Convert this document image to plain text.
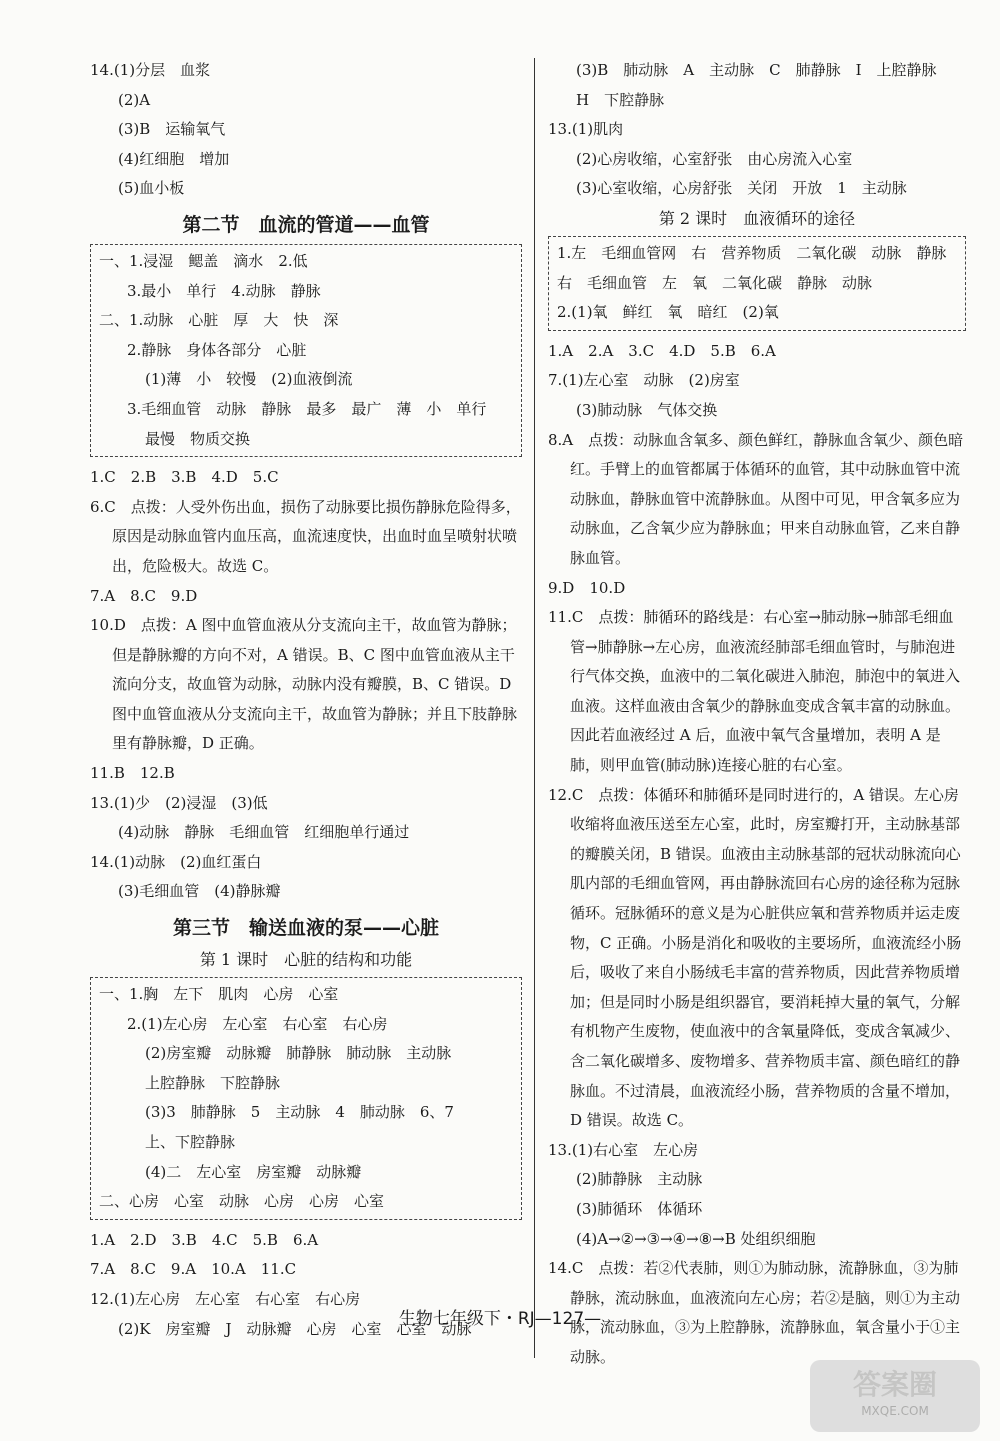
14.(1)分层　血浆
(2)A
(3)B　运输氧气
(4)红细胞　增加
(5)血小板
第二节　血流的管道——血管
一、1.浸湿　鳃盖　滴水　2.低
3.最小　单行　4.动脉　静脉
二、1.动脉　心脏　厚　大　快　深
2.静脉　身体各部分　心脏
(1)薄　小　较慢　(2)血液倒流
3.毛细血管　动脉　静脉　最多　最广　薄　小　单行
最慢　物质交换
1.C　2.B　3.B　4.D　5.C
6.C　点拨：人受外伤出血，损伤了动脉要比损伤静脉危险得多，原因是动脉血管内血压高，血流速度快，出血时血呈喷射状喷出，危险极大。故选 C。
7.A　8.C　9.D
10.D　点拨：A 图中血管血液从分支流向主干，故血管为静脉；但是静脉瓣的方向不对，A 错误。B、C 图中血管血液从主干流向分支，故血管为动脉，动脉内没有瓣膜，B、C 错误。D 图中血管血液从分支流向主干，故血管为静脉；并且下肢静脉里有静脉瓣，D 正确。
11.B　12.B
13.(1)少　(2)浸湿　(3)低
(4)动脉　静脉　毛细血管　红细胞单行通过
14.(1)动脉　(2)血红蛋白
(3)毛细血管　(4)静脉瓣
第三节　输送血液的泵——心脏
第 1 课时　心脏的结构和功能
一、1.胸　左下　肌肉　心房　心室
2.(1)左心房　左心室　右心室　右心房
(2)房室瓣　动脉瓣　肺静脉　肺动脉　主动脉
上腔静脉　下腔静脉
(3)3　肺静脉　5　主动脉　4　肺动脉　6、7
上、下腔静脉
(4)二　左心室　房室瓣　动脉瓣
二、心房　心室　动脉　心房　心房　心室
1.A　2.D　3.B　4.C　5.B　6.A
7.A　8.C　9.A　10.A　11.C
12.(1)左心房　左心室　右心室　右心房
(2)K　房室瓣　J　动脉瓣　心房　心室　心室　动脉
(3)B　肺动脉　A　主动脉　C　肺静脉　I　上腔静脉
H　下腔静脉
13.(1)肌肉
(2)心房收缩，心室舒张　由心房流入心室
(3)心室收缩，心房舒张　关闭　开放　1　主动脉
第 2 课时　血液循环的途径
1.左　毛细血管网　右　营养物质　二氧化碳　动脉　静脉
右　毛细血管　左　氧　二氧化碳　静脉　动脉
2.(1)氧　鲜红　氧　暗红　(2)氧
1.A　2.A　3.C　4.D　5.B　6.A
7.(1)左心室　动脉　(2)房室
(3)肺动脉　气体交换
8.A　点拨：动脉血含氧多、颜色鲜红，静脉血含氧少、颜色暗红。手臂上的血管都属于体循环的血管，其中动脉血管中流动脉血，静脉血管中流静脉血。从图中可见，甲含氧多应为动脉血，乙含氧少应为静脉血；甲来自动脉血管，乙来自静脉血管。
9.D　10.D
11.C　点拨：肺循环的路线是：右心室→肺动脉→肺部毛细血管→肺静脉→左心房，血液流经肺部毛细血管时，与肺泡进行气体交换，血液中的二氧化碳进入肺泡，肺泡中的氧进入血液。这样血液由含氧少的静脉血变成含氧丰富的动脉血。因此若血液经过 A 后，血液中氧气含量增加，表明 A 是肺，则甲血管(肺动脉)连接心脏的右心室。
12.C　点拨：体循环和肺循环是同时进行的，A 错误。左心房收缩将血液压送至左心室，此时，房室瓣打开，主动脉基部的瓣膜关闭，B 错误。血液由主动脉基部的冠状动脉流向心肌内部的毛细血管网，再由静脉流回右心房的途径称为冠脉循环。冠脉循环的意义是为心脏供应氧和营养物质并运走废物，C 正确。小肠是消化和吸收的主要场所，血液流经小肠后，吸收了来自小肠绒毛丰富的营养物质，因此营养物质增加；但是同时小肠是组织器官，要消耗掉大量的氧气，分解有机物产生废物，使血液中的含氧量降低，变成含氧减少、含二氧化碳增多、废物增多、营养物质丰富、颜色暗红的静脉血。不过清晨，血液流经小肠，营养物质的含量不增加，D 错误。故选 C。
13.(1)右心室　左心房
(2)肺静脉　主动脉
(3)肺循环　体循环
(4)A→②→③→④→⑧→B 处组织细胞
14.C　点拨：若②代表肺，则①为肺动脉，流静脉血，③为肺静脉，流动脉血，血液流向左心房；若②是脑，则①为主动脉，流动脉血，③为上腔静脉，流静脉血，氧含量小于①主动脉。
生物七年级下・RJ—127—
答案圈
MXQE.COM
